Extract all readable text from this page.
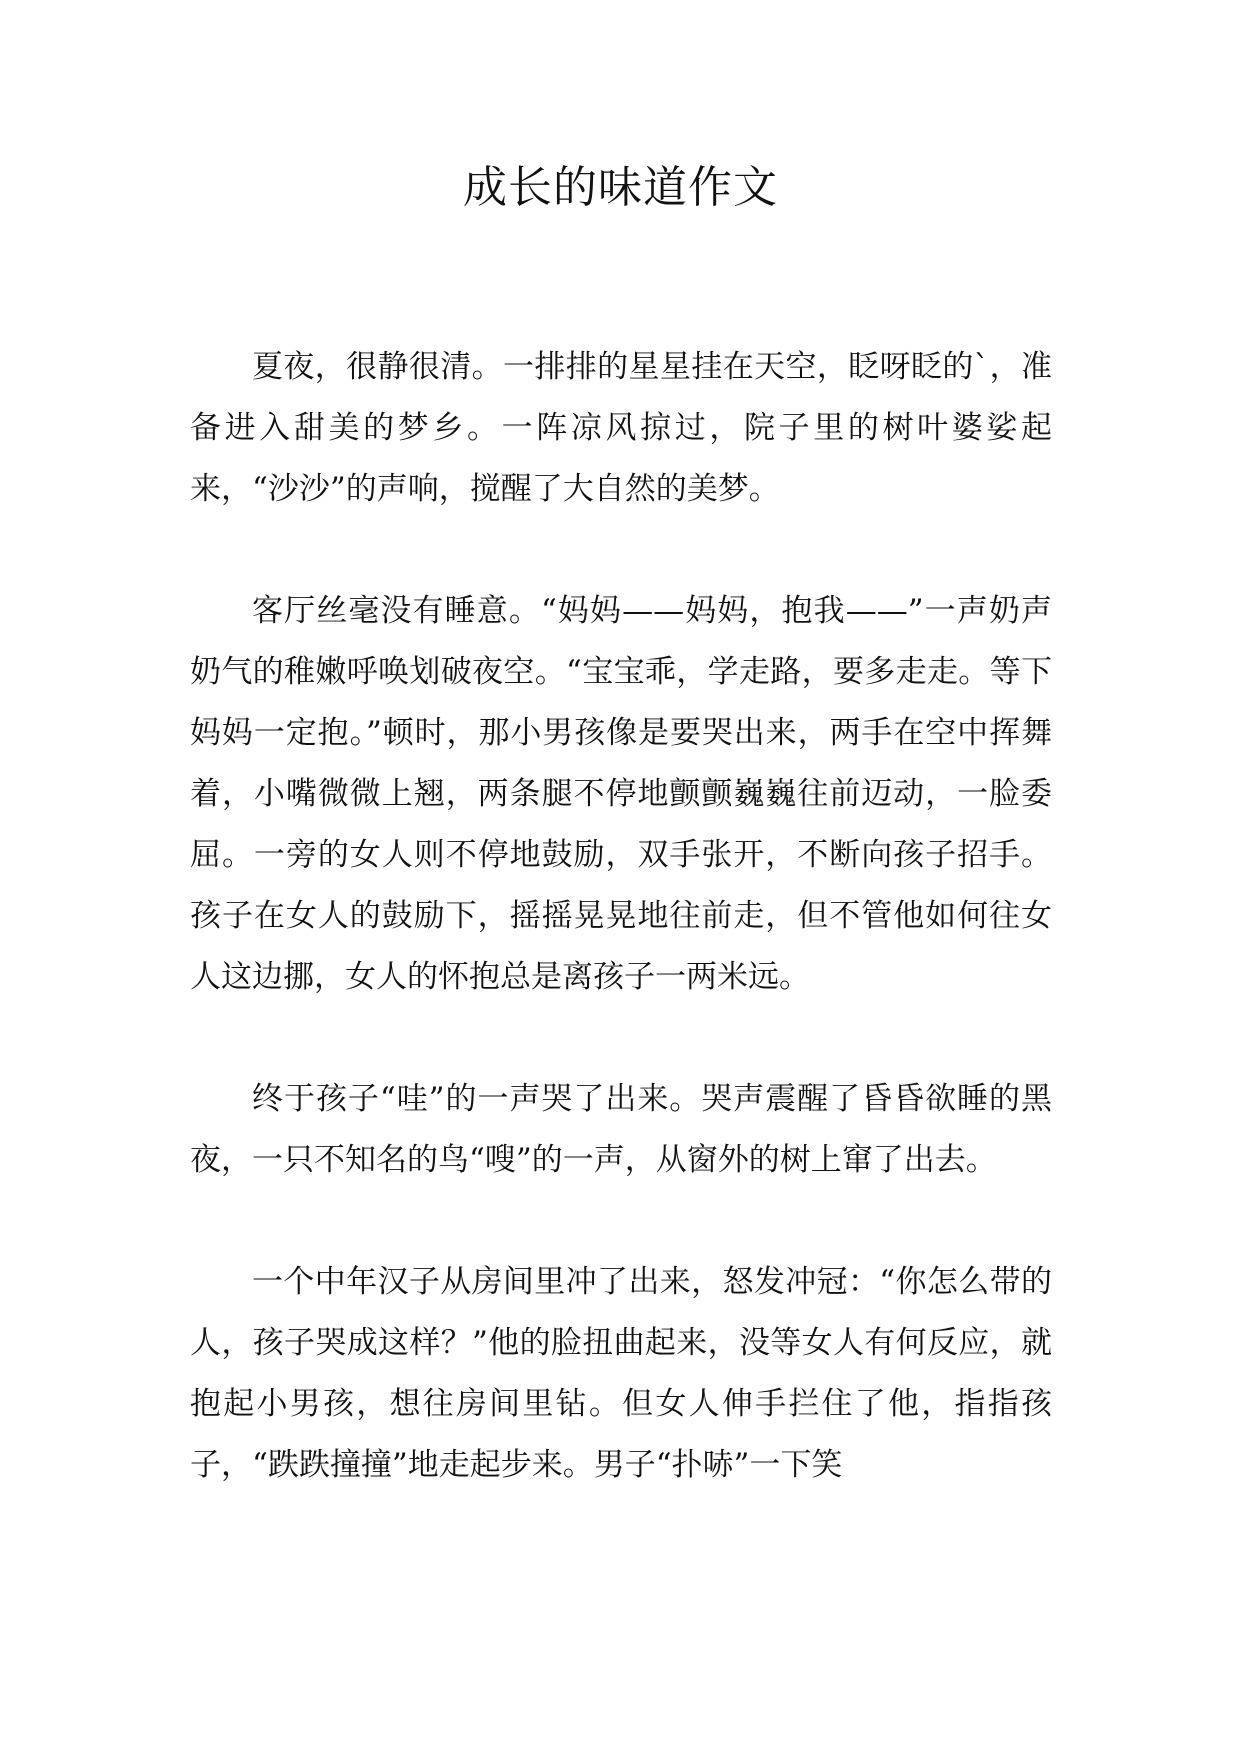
成长的味道作文

夏夜，很静很清。一排排的星星挂在天空，眨呀眨的`，准备进入甜美的梦乡。一阵凉风掠过，院子里的树叶婆娑起来，“沙沙”的声响，搅醒了大自然的美梦。

客厅丝毫没有睡意。“妈妈——妈妈，抱我——”一声奶声奶气的稚嫩呼唤划破夜空。“宝宝乖，学走路，要多走走。等下妈妈一定抱。”顿时，那小男孩像是要哭出来，两手在空中挥舞着，小嘴微微上翘，两条腿不停地颤颤巍巍往前迈动，一脸委屈。一旁的女人则不停地鼓励，双手张开，不断向孩子招手。孩子在女人的鼓励下，摇摇晃晃地往前走，但不管他如何往女人这边挪，女人的怀抱总是离孩子一两米远。

终于孩子“哇”的一声哭了出来。哭声震醒了昏昏欲睡的黑夜，一只不知名的鸟“嗖”的一声，从窗外的树上窜了出去。

一个中年汉子从房间里冲了出来，怒发冲冠：“你怎么带的人，孩子哭成这样？”他的脸扭曲起来，没等女人有何反应，就抱起小男孩，想往房间里钻。但女人伸手拦住了他，指指孩子，“跌跌撞撞”地走起步来。男子“扑哧”一下笑
